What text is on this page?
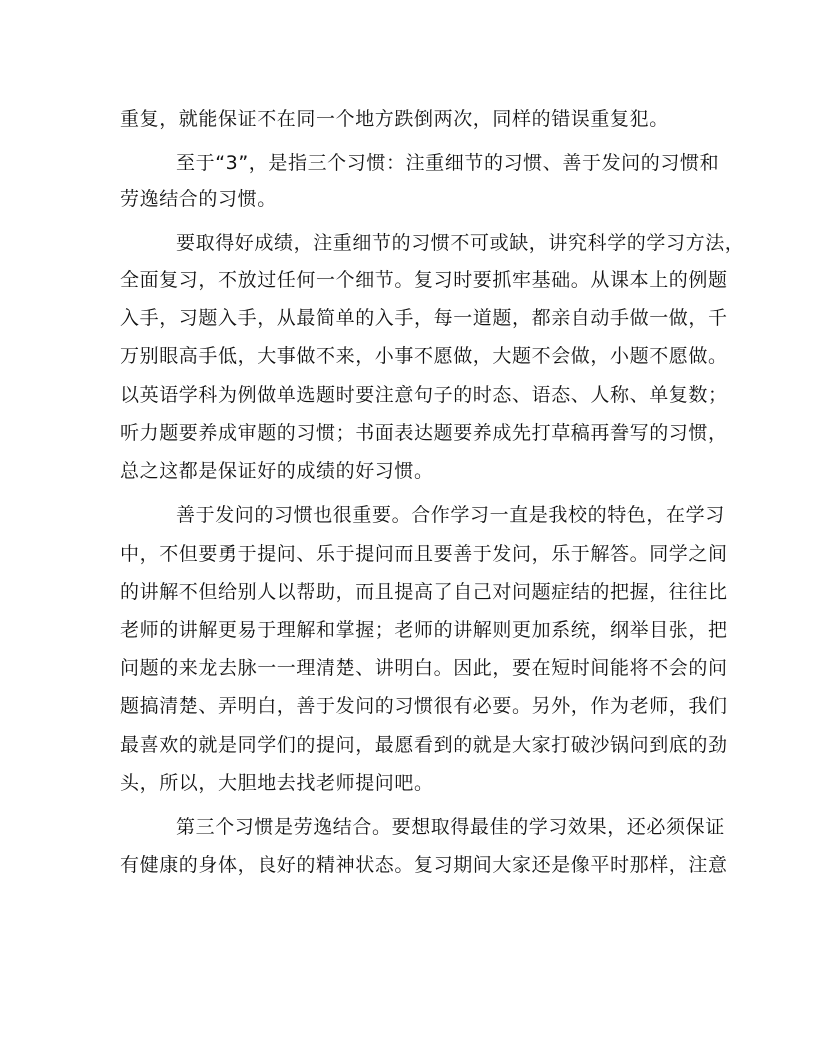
重复，就能保证不在同一个地方跌倒两次，同样的错误重复犯。
至于“3”，是指三个习惯：注重细节的习惯、善于发问的习惯和
劳逸结合的习惯。
要取得好成绩，注重细节的习惯不可或缺，讲究科学的学习方法，
全面复习，不放过任何一个细节。复习时要抓牢基础。从课本上的例题
入手，习题入手，从最简单的入手，每一道题，都亲自动手做一做，千
万别眼高手低，大事做不来，小事不愿做，大题不会做，小题不愿做。
以英语学科为例做单选题时要注意句子的时态、语态、人称、单复数；
听力题要养成审题的习惯；书面表达题要养成先打草稿再誊写的习惯，
总之这都是保证好的成绩的好习惯。
善于发问的习惯也很重要。合作学习一直是我校的特色，在学习
中，不但要勇于提问、乐于提问而且要善于发问，乐于解答。同学之间
的讲解不但给别人以帮助，而且提高了自己对问题症结的把握，往往比
老师的讲解更易于理解和掌握；老师的讲解则更加系统，纲举目张，把
问题的来龙去脉一一理清楚、讲明白。因此，要在短时间能将不会的问
题搞清楚、弄明白，善于发问的习惯很有必要。另外，作为老师，我们
最喜欢的就是同学们的提问，最愿看到的就是大家打破沙锅问到底的劲
头，所以，大胆地去找老师提问吧。
第三个习惯是劳逸结合。要想取得最佳的学习效果，还必须保证
有健康的身体，良好的精神状态。复习期间大家还是像平时那样，注意
